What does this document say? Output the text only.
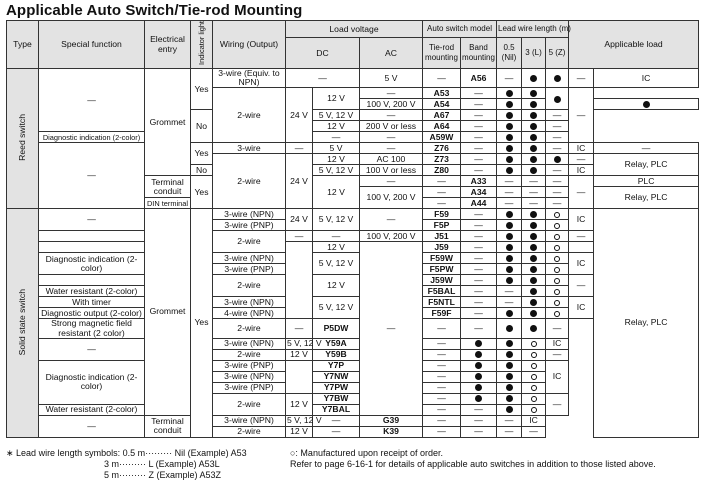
Applicable Auto Switch/Tie-rod Mounting
Type	Special function	Electrical entry	Indicator light	Wiring (Output)	Load voltage			Auto switch model		Lead wire length (m)			Applicable load		
					DC		AC	Tie-rod mounting	Band mounting	0.5 (Nil)	3 (L)	5 (Z)			
Reed switch	—	Grommet	Yes	3-wire (Equiv. to NPN)	—		5 V	—	A56	—			—	IC	
				2-wire	24 V	12 V	—	A53	—				—		
							100 V, 200 V	A54	—						
			No			5 V, 12 V	—	A67	—			—			
						12 V	200 V or less	A64	—			—			
	Diagnostic indication (2-color)					—	—	A59W	—			—			
	—		Yes	3-wire	—	5 V	—	Z76	—			—	IC	—	
				2-wire	24 V	12 V	AC 100	Z73	—				—	Relay, PLC	
			No			5 V, 12 V	100 V or less	Z80	—			—	IC		
		Terminal conduit	Yes			12 V	—	—	A33	—	—	—	—	PLC	
							100 V, 200 V	—	A34	—	—	—		Relay, PLC	
		DIN terminal						—	A44	—	—	—			
Solid state switch	—	Grommet	Yes	3-wire (NPN)	24 V	5 V, 12 V	—	F59	—				IC	Relay, PLC	
				3-wire (PNP)				F5P	—						
				2-wire	—	—	100 V, 200 V	J51	—				—		
						12 V	—	J59	—						
	Diagnostic indication (2-color)			3-wire (NPN)		5 V, 12 V		F59W	—				IC		
				3-wire (PNP)				F5PW	—						
				2-wire		12 V		J59W	—				—		
	Water resistant (2-color)							F5BAL	—	—					
	With timer			3-wire (NPN)		5 V, 12 V		F5NTL	—	—			IC		
	Diagnostic output (2-color)			4-wire (NPN)				F59F	—						
	Strong magnetic field resistant (2 color)			2-wire	—	P5DW		—	—			—			
	—			3-wire (NPN)	5 V, 12 V	Y59A		—				IC			
				2-wire	12 V	Y59B		—				—			
	Diagnostic indication (2-color)			3-wire (PNP)		Y7P		—				IC			
				3-wire (NPN)		Y7NW		—							
				3-wire (PNP)		Y7PW		—							
				2-wire	12 V	Y7BW		—				—			
	Water resistant (2-color)					Y7BAL		—	—						
	—	Terminal conduit		3-wire (NPN)	5 V, 12 V	—	G39	—	—	—	IC				
				2-wire	12 V	—	K39	—	—	—	—				
∗ Lead wire length symbols: 0.5 m········· Nil (Example) A53
3 m········· L (Example) A53L
5 m········· Z (Example) A53Z
○: Manufactured upon receipt of order.
Refer to page 6-16-1 for details of applicable auto switches in addition to those listed above.
